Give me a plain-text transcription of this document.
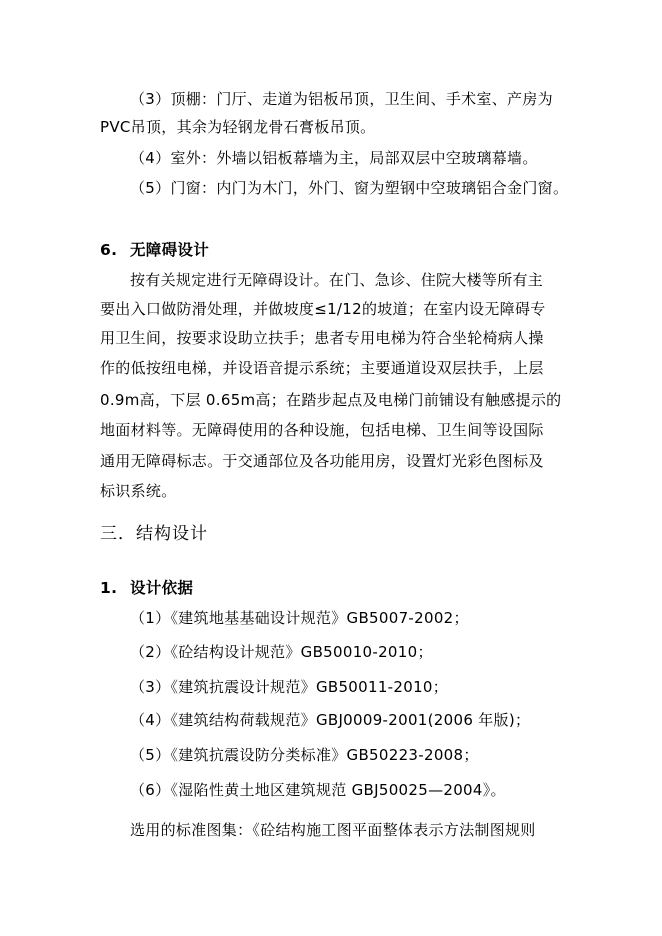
（3）顶棚：门厅、走道为铝板吊顶，卫生间、手术室、产房为
PVC吊顶，其余为轻钢龙骨石膏板吊顶。
（4）室外：外墙以铝板幕墙为主，局部双层中空玻璃幕墙。
（5）门窗：内门为木门，外门、窗为塑钢中空玻璃铝合金门窗。
6. 无障碍设计
按有关规定进行无障碍设计。在门、急诊、住院大楼等所有主
要出入口做防滑处理，并做坡度≤1/12的坡道；在室内设无障碍专
用卫生间，按要求设助立扶手；患者专用电梯为符合坐轮椅病人操
作的低按纽电梯，并设语音提示系统；主要通道设双层扶手，上层
0.9m高，下层 0.65m高；在踏步起点及电梯门前铺设有触感提示的
地面材料等。无障碍使用的各种设施，包括电梯、卫生间等设国际
通用无障碍标志。于交通部位及各功能用房，设置灯光彩色图标及
标识系统。
三．结构设计
1. 设计依据
（1）《建筑地基基础设计规范》GB5007-2002；
（2）《砼结构设计规范》GB50010-2010；
（3）《建筑抗震设计规范》GB50011-2010；
（4）《建筑结构荷载规范》GBJ0009-2001(2006 年版)；
（5）《建筑抗震设防分类标准》GB50223-2008；
（6）《湿陷性黄土地区建筑规范 GBJ50025—2004》。
选用的标准图集：《砼结构施工图平面整体表示方法制图规则
